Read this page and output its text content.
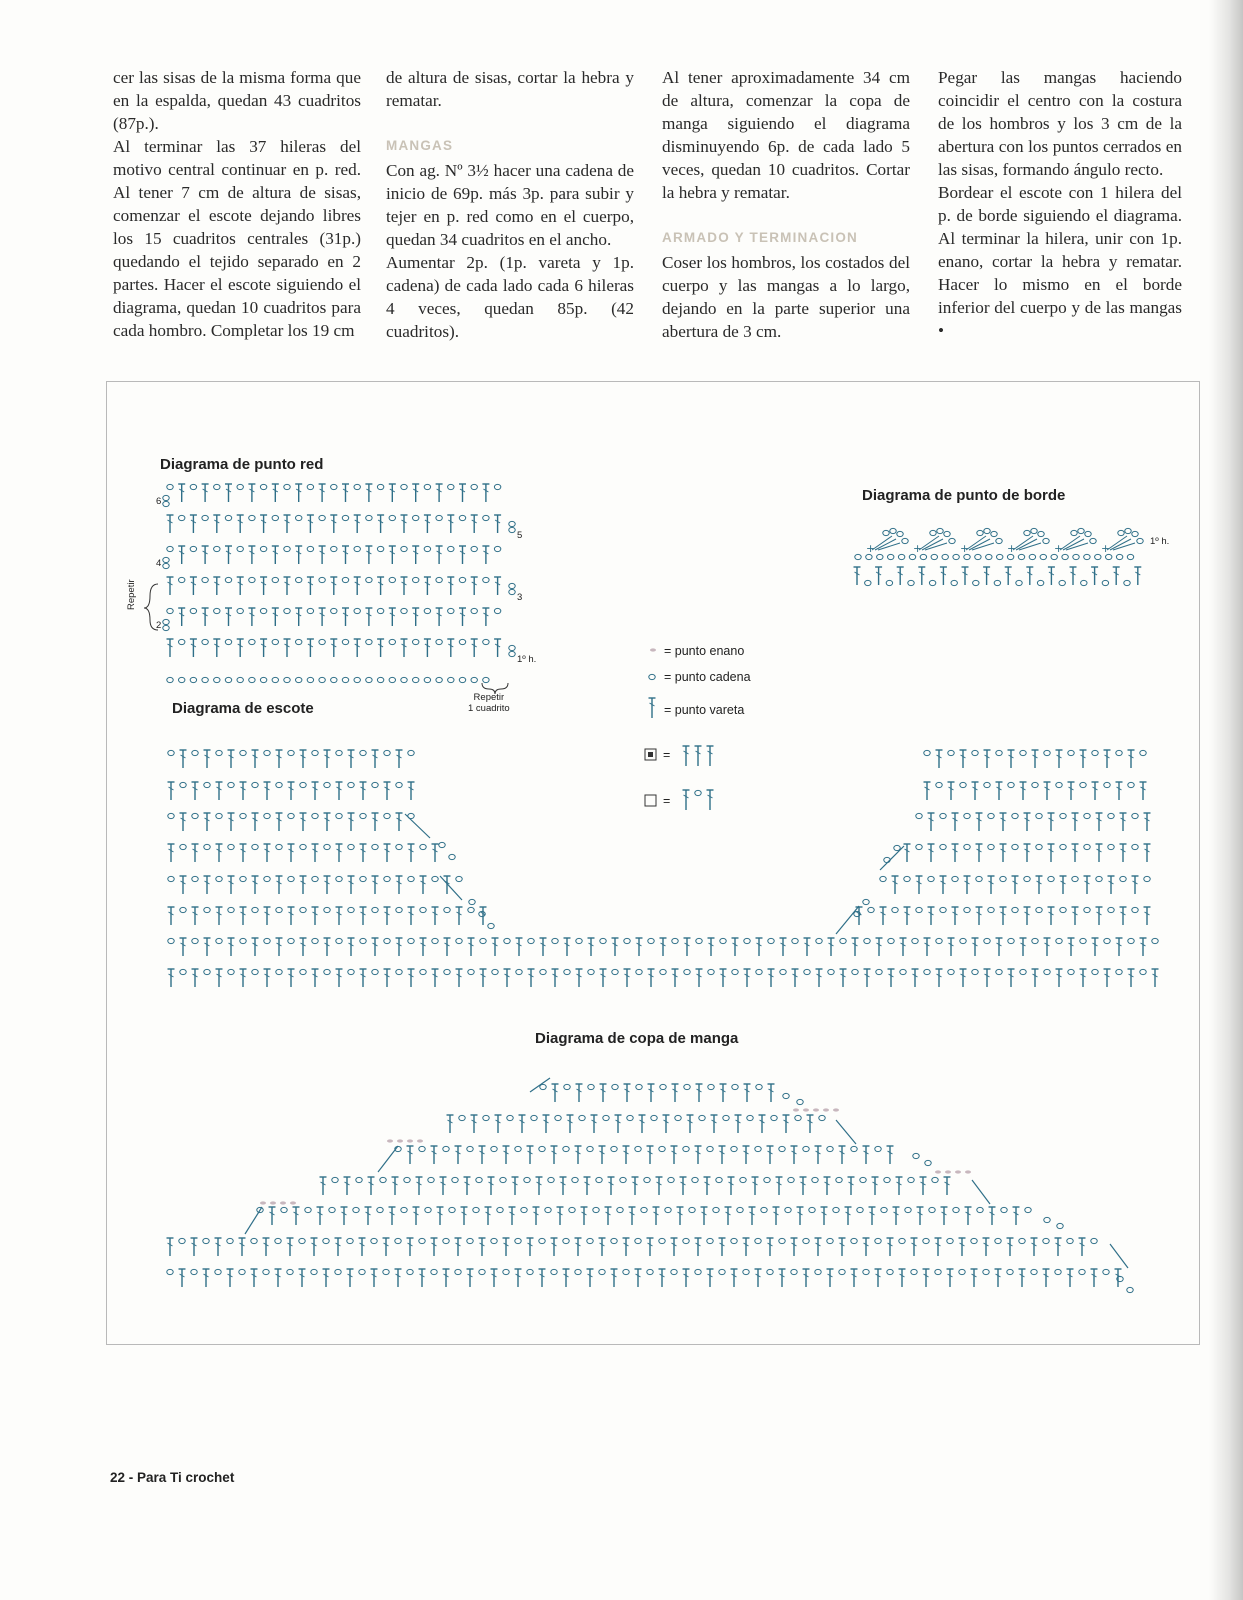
cer las sisas de la misma forma que en la espalda, quedan 43 cuadritos (87p.).

Al terminar las 37 hileras del motivo central continuar en p. red. Al tener 7 cm de altura de sisas, comenzar el escote dejando libres los 15 cuadritos centrales (31p.) quedando el tejido separado en 2 partes. Hacer el escote siguiendo el diagrama, quedan 10 cuadritos para cada hombro. Completar los 19 cm

de altura de sisas, cortar la hebra y rematar.

MANGAS

Con ag. Nº 3½ hacer una cadena de inicio de 69p. más 3p. para subir y tejer en p. red como en el cuerpo, quedan 34 cuadritos en el ancho.

Aumentar 2p. (1p. vareta y 1p. cadena) de cada lado cada 6 hileras 4 veces, quedan 85p. (42 cuadritos).

Al tener aproximadamente 34 cm de altura, comenzar la copa de manga siguiendo el diagrama disminuyendo 6p. de cada lado 5 veces, quedan 10 cuadritos. Cortar la hebra y rematar.

ARMADO Y TERMINACION

Coser los hombros, los costados del cuerpo y las mangas a lo largo, dejando en la parte superior una abertura de 3 cm.

Pegar las mangas haciendo coincidir el centro con la costura de los hombros y los 3 cm de la abertura con los puntos cerrados en las sisas, formando ángulo recto.

Bordear el escote con 1 hilera del p. de borde siguiendo el diagrama. Al terminar la hilera, unir con 1p. enano, cortar la hebra y rematar. Hacer lo mismo en el borde inferior del cuerpo y de las mangas •

Diagrama de punto red
Diagrama de punto de borde
Diagrama de escote
Diagrama de copa de manga
6
5
4
3
2
1º h.
Repetir
Repetir
1 cuadrito
1º h.
= punto enano
= punto cadena
= punto vareta
=
=
+	+	+	+	+	+
22 - Para Ti crochet
